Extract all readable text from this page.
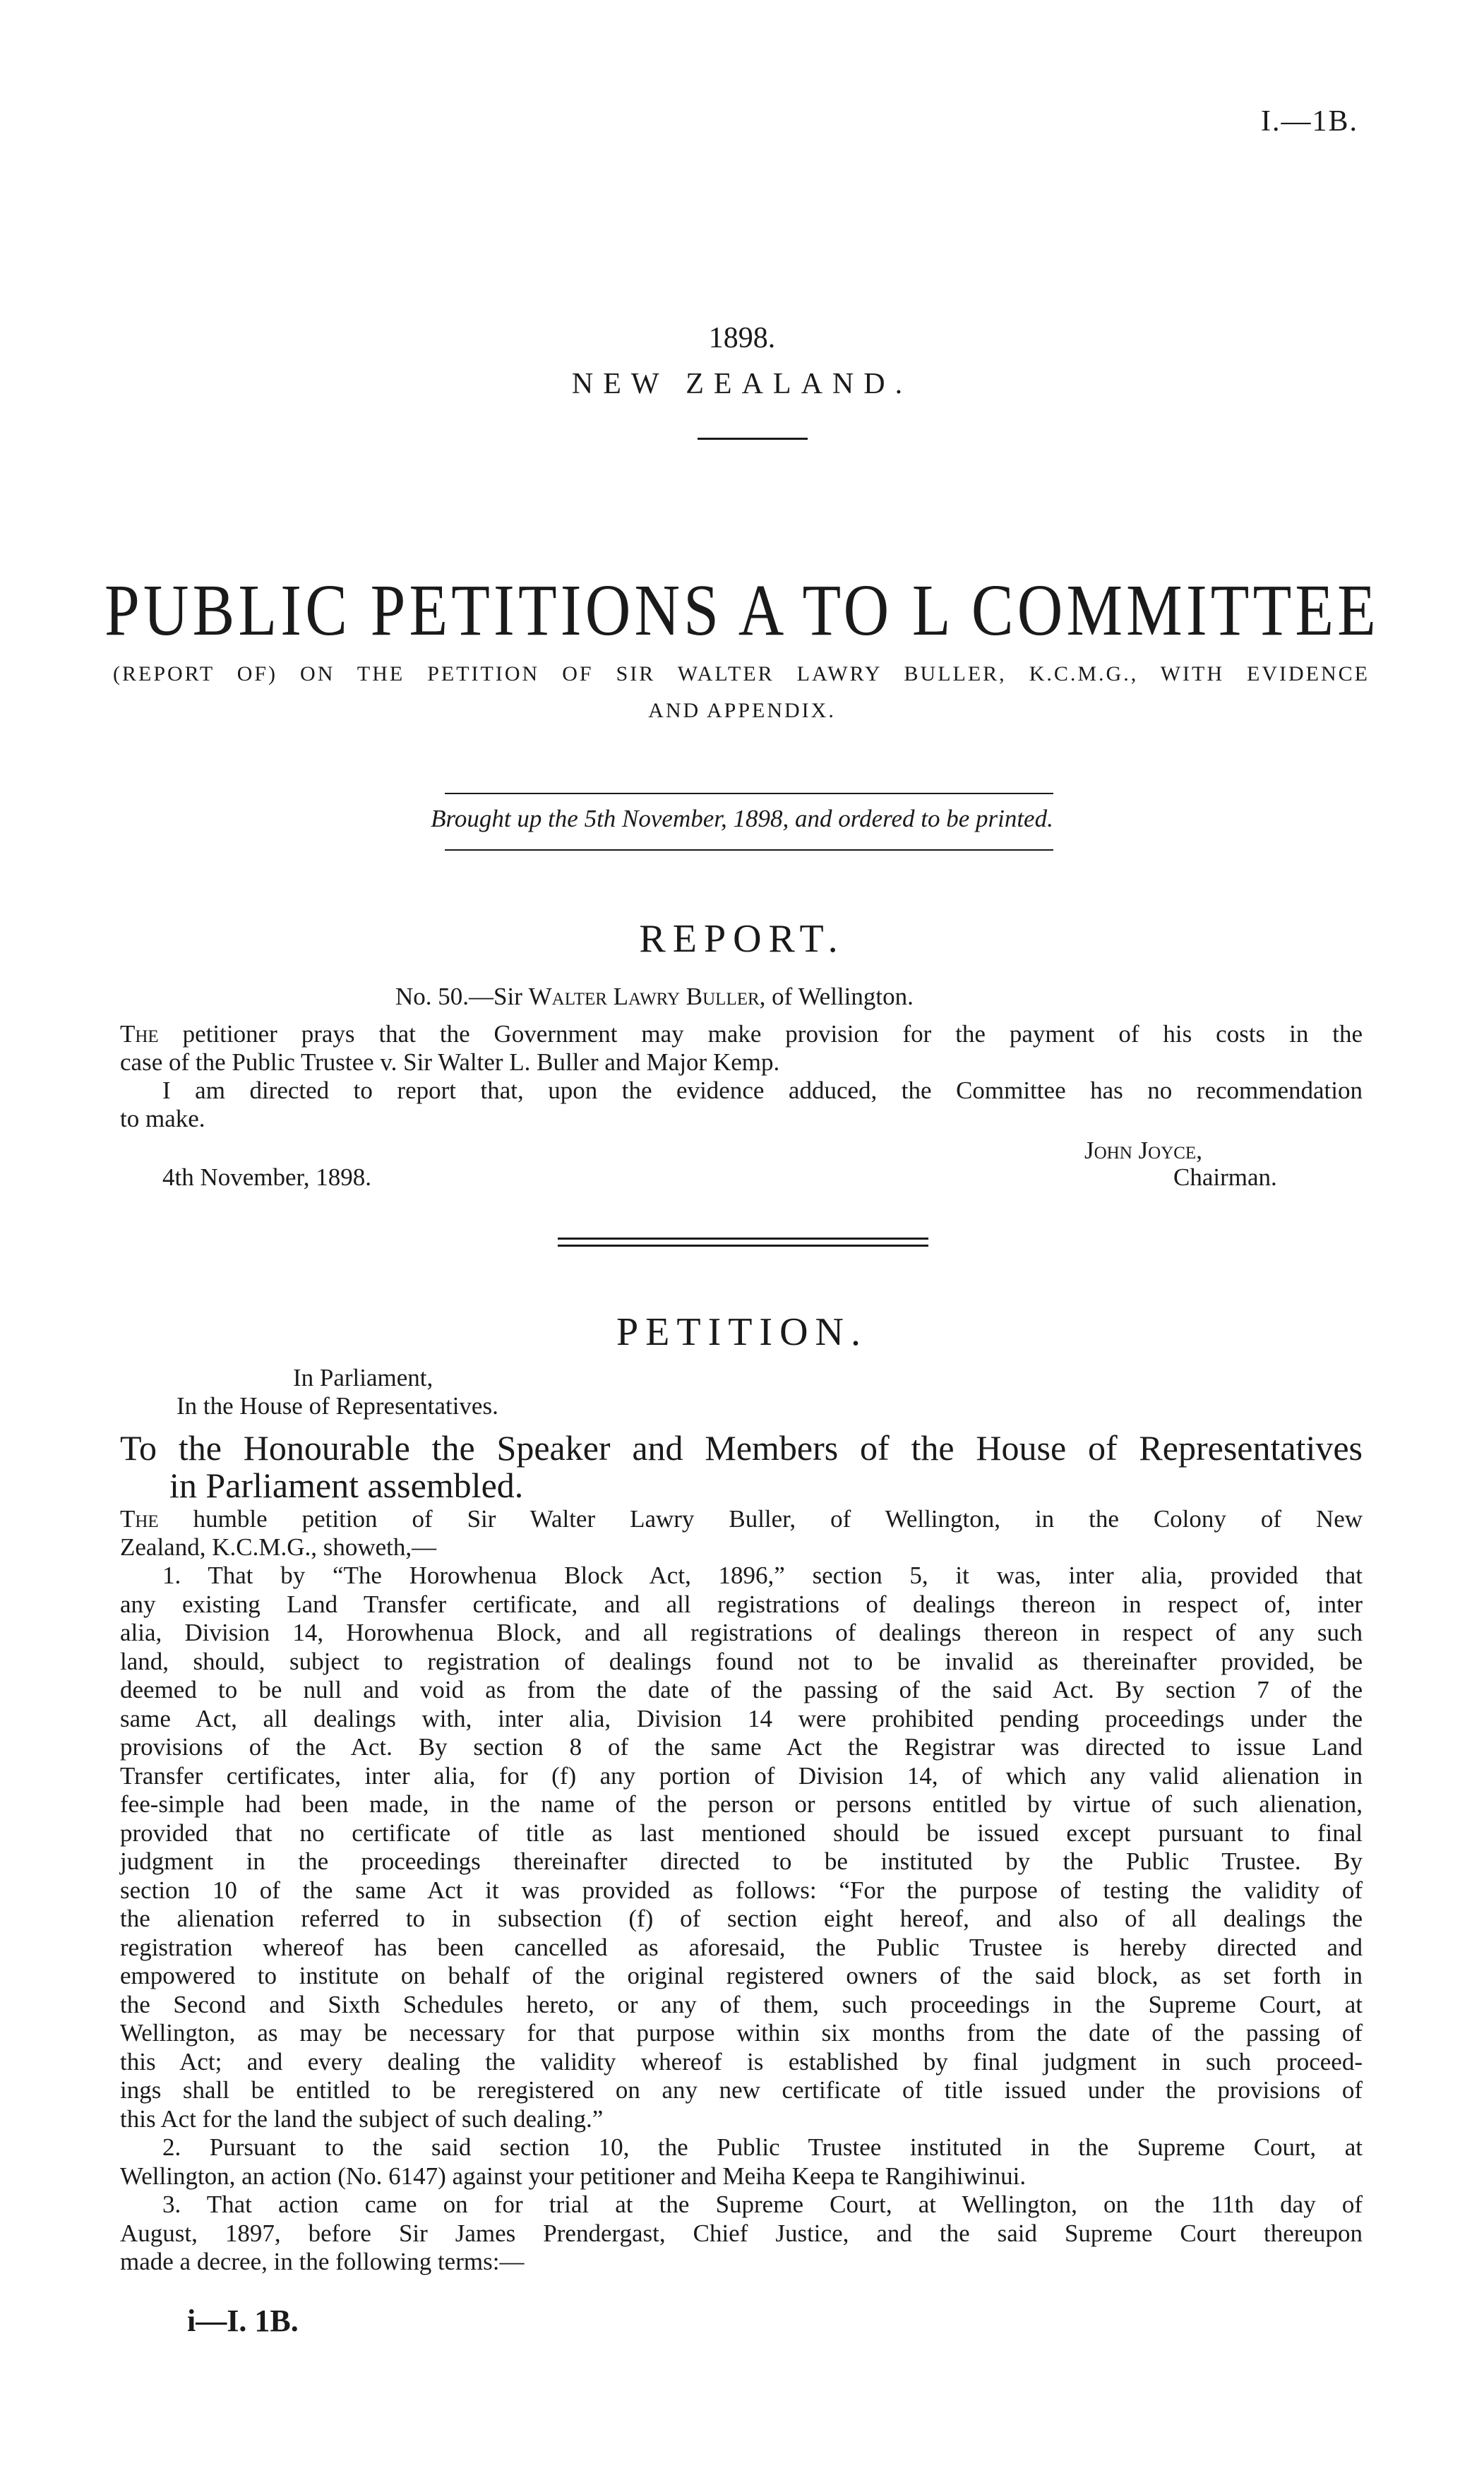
I.—1B.
1898.
NEW ZEALAND.
PUBLIC PETITIONS A TO L COMMITTEE
(REPORT OF) ON THE PETITION OF SIR WALTER LAWRY BULLER, K.C.M.G., WITH EVIDENCE
AND APPENDIX.
Brought up the 5th November, 1898, and ordered to be printed.
REPORT.
No. 50.—Sir Walter Lawry Buller, of Wellington.
The petitioner prays that the Government may make provision for the payment of his costs in the
case of the Public Trustee v. Sir Walter L. Buller and Major Kemp.
I am directed to report that, upon the evidence adduced, the Committee has no recommendation
to make.
John Joyce,
4th November, 1898.	Chairman.
PETITION.
In Parliament,
In the House of Representatives.
To the Honourable the Speaker and Members of the House of Representatives
in Parliament assembled.
The humble petition of Sir Walter Lawry Buller, of Wellington, in the Colony of New
Zealand, K.C.M.G., showeth,—
1. That by “The Horowhenua Block Act, 1896,” section 5, it was, inter alia, provided that
any existing Land Transfer certificate, and all registrations of dealings thereon in respect of, inter
alia, Division 14, Horowhenua Block, and all registrations of dealings thereon in respect of any such
land, should, subject to registration of dealings found not to be invalid as thereinafter provided, be
deemed to be null and void as from the date of the passing of the said Act. By section 7 of the
same Act, all dealings with, inter alia, Division 14 were prohibited pending proceedings under the
provisions of the Act. By section 8 of the same Act the Registrar was directed to issue Land
Transfer certificates, inter alia, for (f) any portion of Division 14, of which any valid alienation in
fee-simple had been made, in the name of the person or persons entitled by virtue of such alienation,
provided that no certificate of title as last mentioned should be issued except pursuant to final
judgment in the proceedings thereinafter directed to be instituted by the Public Trustee. By
section 10 of the same Act it was provided as follows: “For the purpose of testing the validity of
the alienation referred to in subsection (f) of section eight hereof, and also of all dealings the
registration whereof has been cancelled as aforesaid, the Public Trustee is hereby directed and
empowered to institute on behalf of the original registered owners of the said block, as set forth in
the Second and Sixth Schedules hereto, or any of them, such proceedings in the Supreme Court, at
Wellington, as may be necessary for that purpose within six months from the date of the passing of
this Act; and every dealing the validity whereof is established by final judgment in such proceed-
ings shall be entitled to be reregistered on any new certificate of title issued under the provisions of
this Act for the land the subject of such dealing.”
2. Pursuant to the said section 10, the Public Trustee instituted in the Supreme Court, at
Wellington, an action (No. 6147) against your petitioner and Meiha Keepa te Rangihiwinui.
3. That action came on for trial at the Supreme Court, at Wellington, on the 11th day of
August, 1897, before Sir James Prendergast, Chief Justice, and the said Supreme Court thereupon
made a decree, in the following terms:—
i—I. 1B.
